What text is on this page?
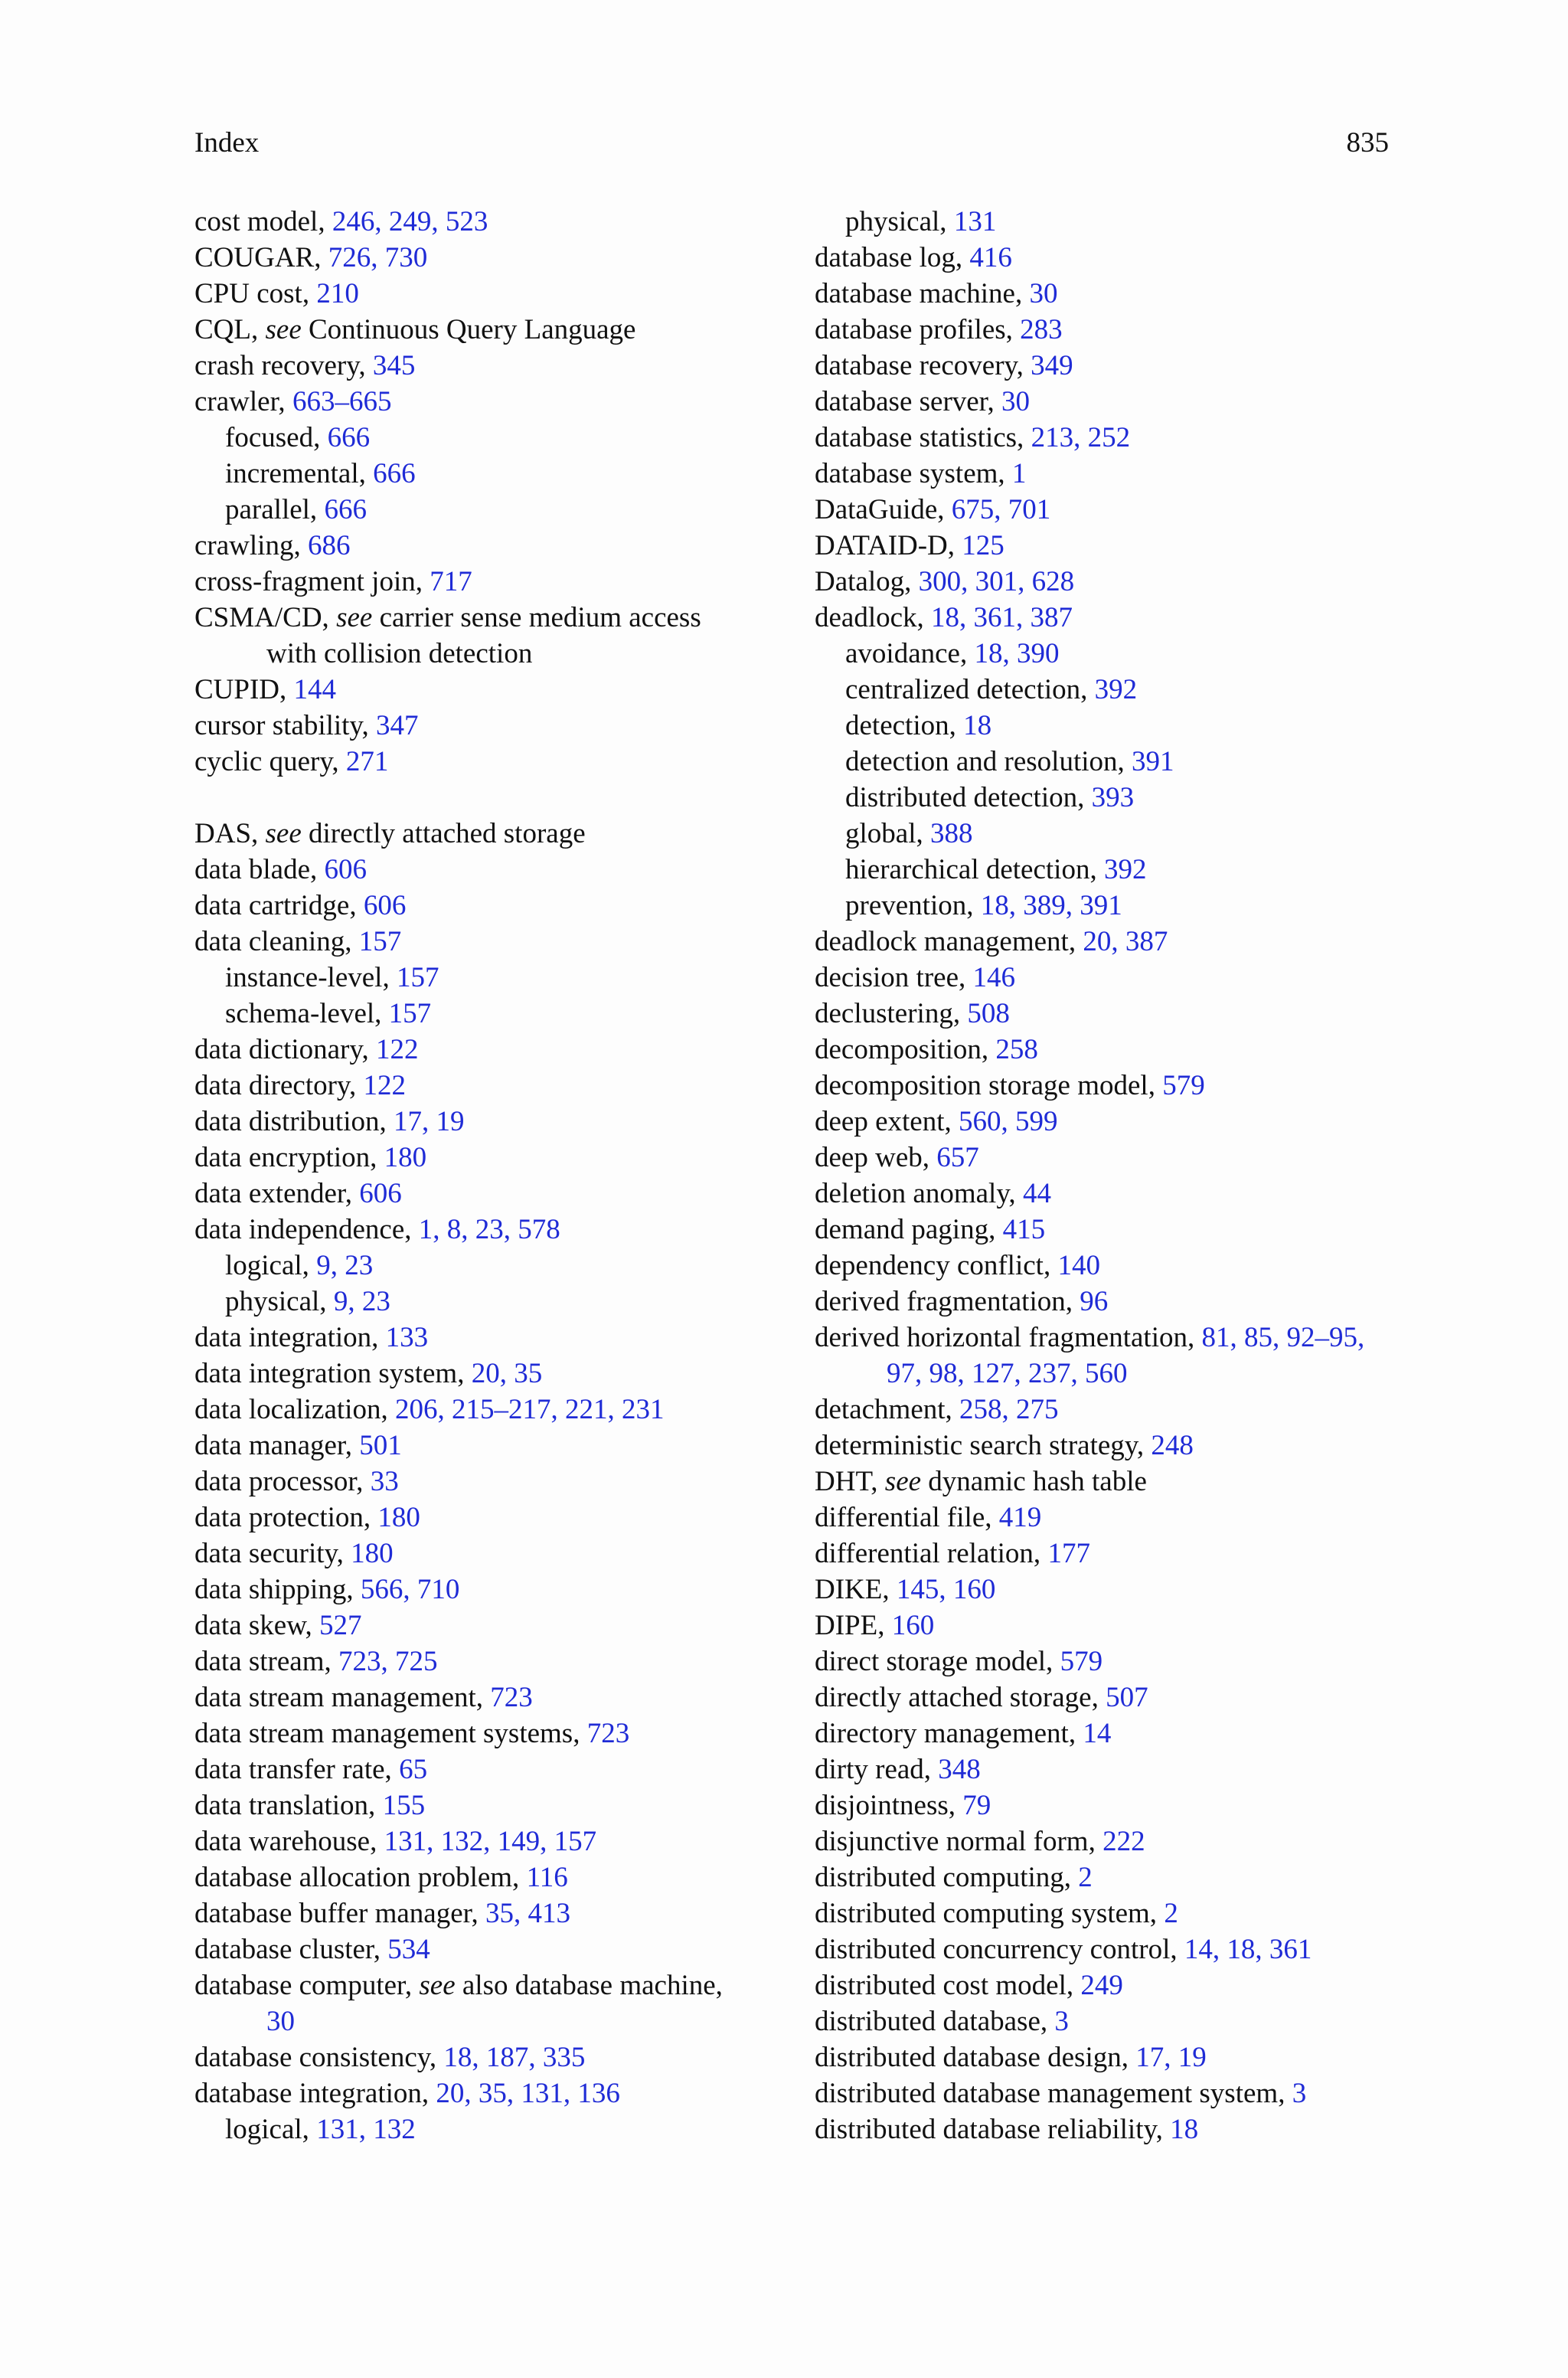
Index	835
cost model, 246, 249, 523
COUGAR, 726, 730
CPU cost, 210
CQL, see Continuous Query Language
crash recovery, 345
crawler, 663–665
focused, 666
incremental, 666
parallel, 666
crawling, 686
cross-fragment join, 717
CSMA/CD, see carrier sense medium access
with collision detection
CUPID, 144
cursor stability, 347
cyclic query, 271
DAS, see directly attached storage
data blade, 606
data cartridge, 606
data cleaning, 157
instance-level, 157
schema-level, 157
data dictionary, 122
data directory, 122
data distribution, 17, 19
data encryption, 180
data extender, 606
data independence, 1, 8, 23, 578
logical, 9, 23
physical, 9, 23
data integration, 133
data integration system, 20, 35
data localization, 206, 215–217, 221, 231
data manager, 501
data processor, 33
data protection, 180
data security, 180
data shipping, 566, 710
data skew, 527
data stream, 723, 725
data stream management, 723
data stream management systems, 723
data transfer rate, 65
data translation, 155
data warehouse, 131, 132, 149, 157
database allocation problem, 116
database buffer manager, 35, 413
database cluster, 534
database computer, see also database machine,
30
database consistency, 18, 187, 335
database integration, 20, 35, 131, 136
logical, 131, 132
physical, 131
database log, 416
database machine, 30
database profiles, 283
database recovery, 349
database server, 30
database statistics, 213, 252
database system, 1
DataGuide, 675, 701
DATAID-D, 125
Datalog, 300, 301, 628
deadlock, 18, 361, 387
avoidance, 18, 390
centralized detection, 392
detection, 18
detection and resolution, 391
distributed detection, 393
global, 388
hierarchical detection, 392
prevention, 18, 389, 391
deadlock management, 20, 387
decision tree, 146
declustering, 508
decomposition, 258
decomposition storage model, 579
deep extent, 560, 599
deep web, 657
deletion anomaly, 44
demand paging, 415
dependency conflict, 140
derived fragmentation, 96
derived horizontal fragmentation, 81, 85, 92–95,
97, 98, 127, 237, 560
detachment, 258, 275
deterministic search strategy, 248
DHT, see dynamic hash table
differential file, 419
differential relation, 177
DIKE, 145, 160
DIPE, 160
direct storage model, 579
directly attached storage, 507
directory management, 14
dirty read, 348
disjointness, 79
disjunctive normal form, 222
distributed computing, 2
distributed computing system, 2
distributed concurrency control, 14, 18, 361
distributed cost model, 249
distributed database, 3
distributed database design, 17, 19
distributed database management system, 3
distributed database reliability, 18
